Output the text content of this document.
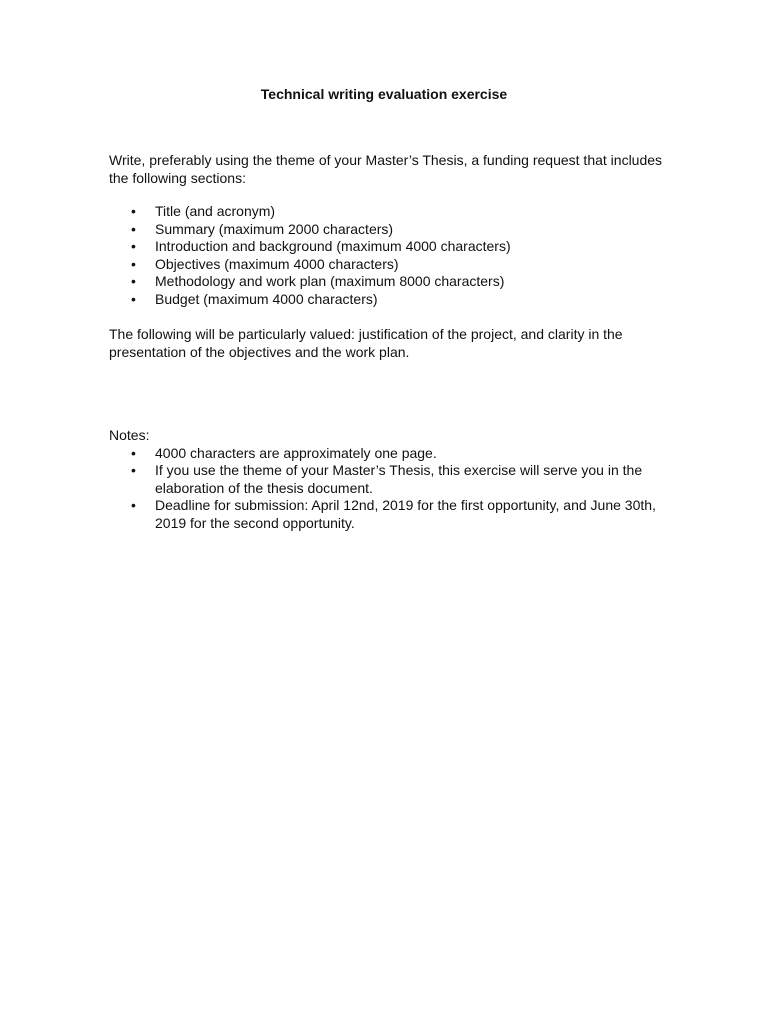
Technical writing evaluation exercise

Write, preferably using the theme of your Master’s Thesis, a funding request that includes the following sections:

• Title (and acronym)
• Summary (maximum 2000 characters)
• Introduction and background (maximum 4000 characters)
• Objectives (maximum 4000 characters)
• Methodology and work plan (maximum 8000 characters)
• Budget (maximum 4000 characters)

The following will be particularly valued: justification of the project, and clarity in the presentation of the objectives and the work plan.

Notes:

• 4000 characters are approximately one page.
• If you use the theme of your Master’s Thesis, this exercise will serve you in the elaboration of the thesis document.
• Deadline for submission: April 12nd, 2019 for the first opportunity, and June 30th, 2019 for the second opportunity.
